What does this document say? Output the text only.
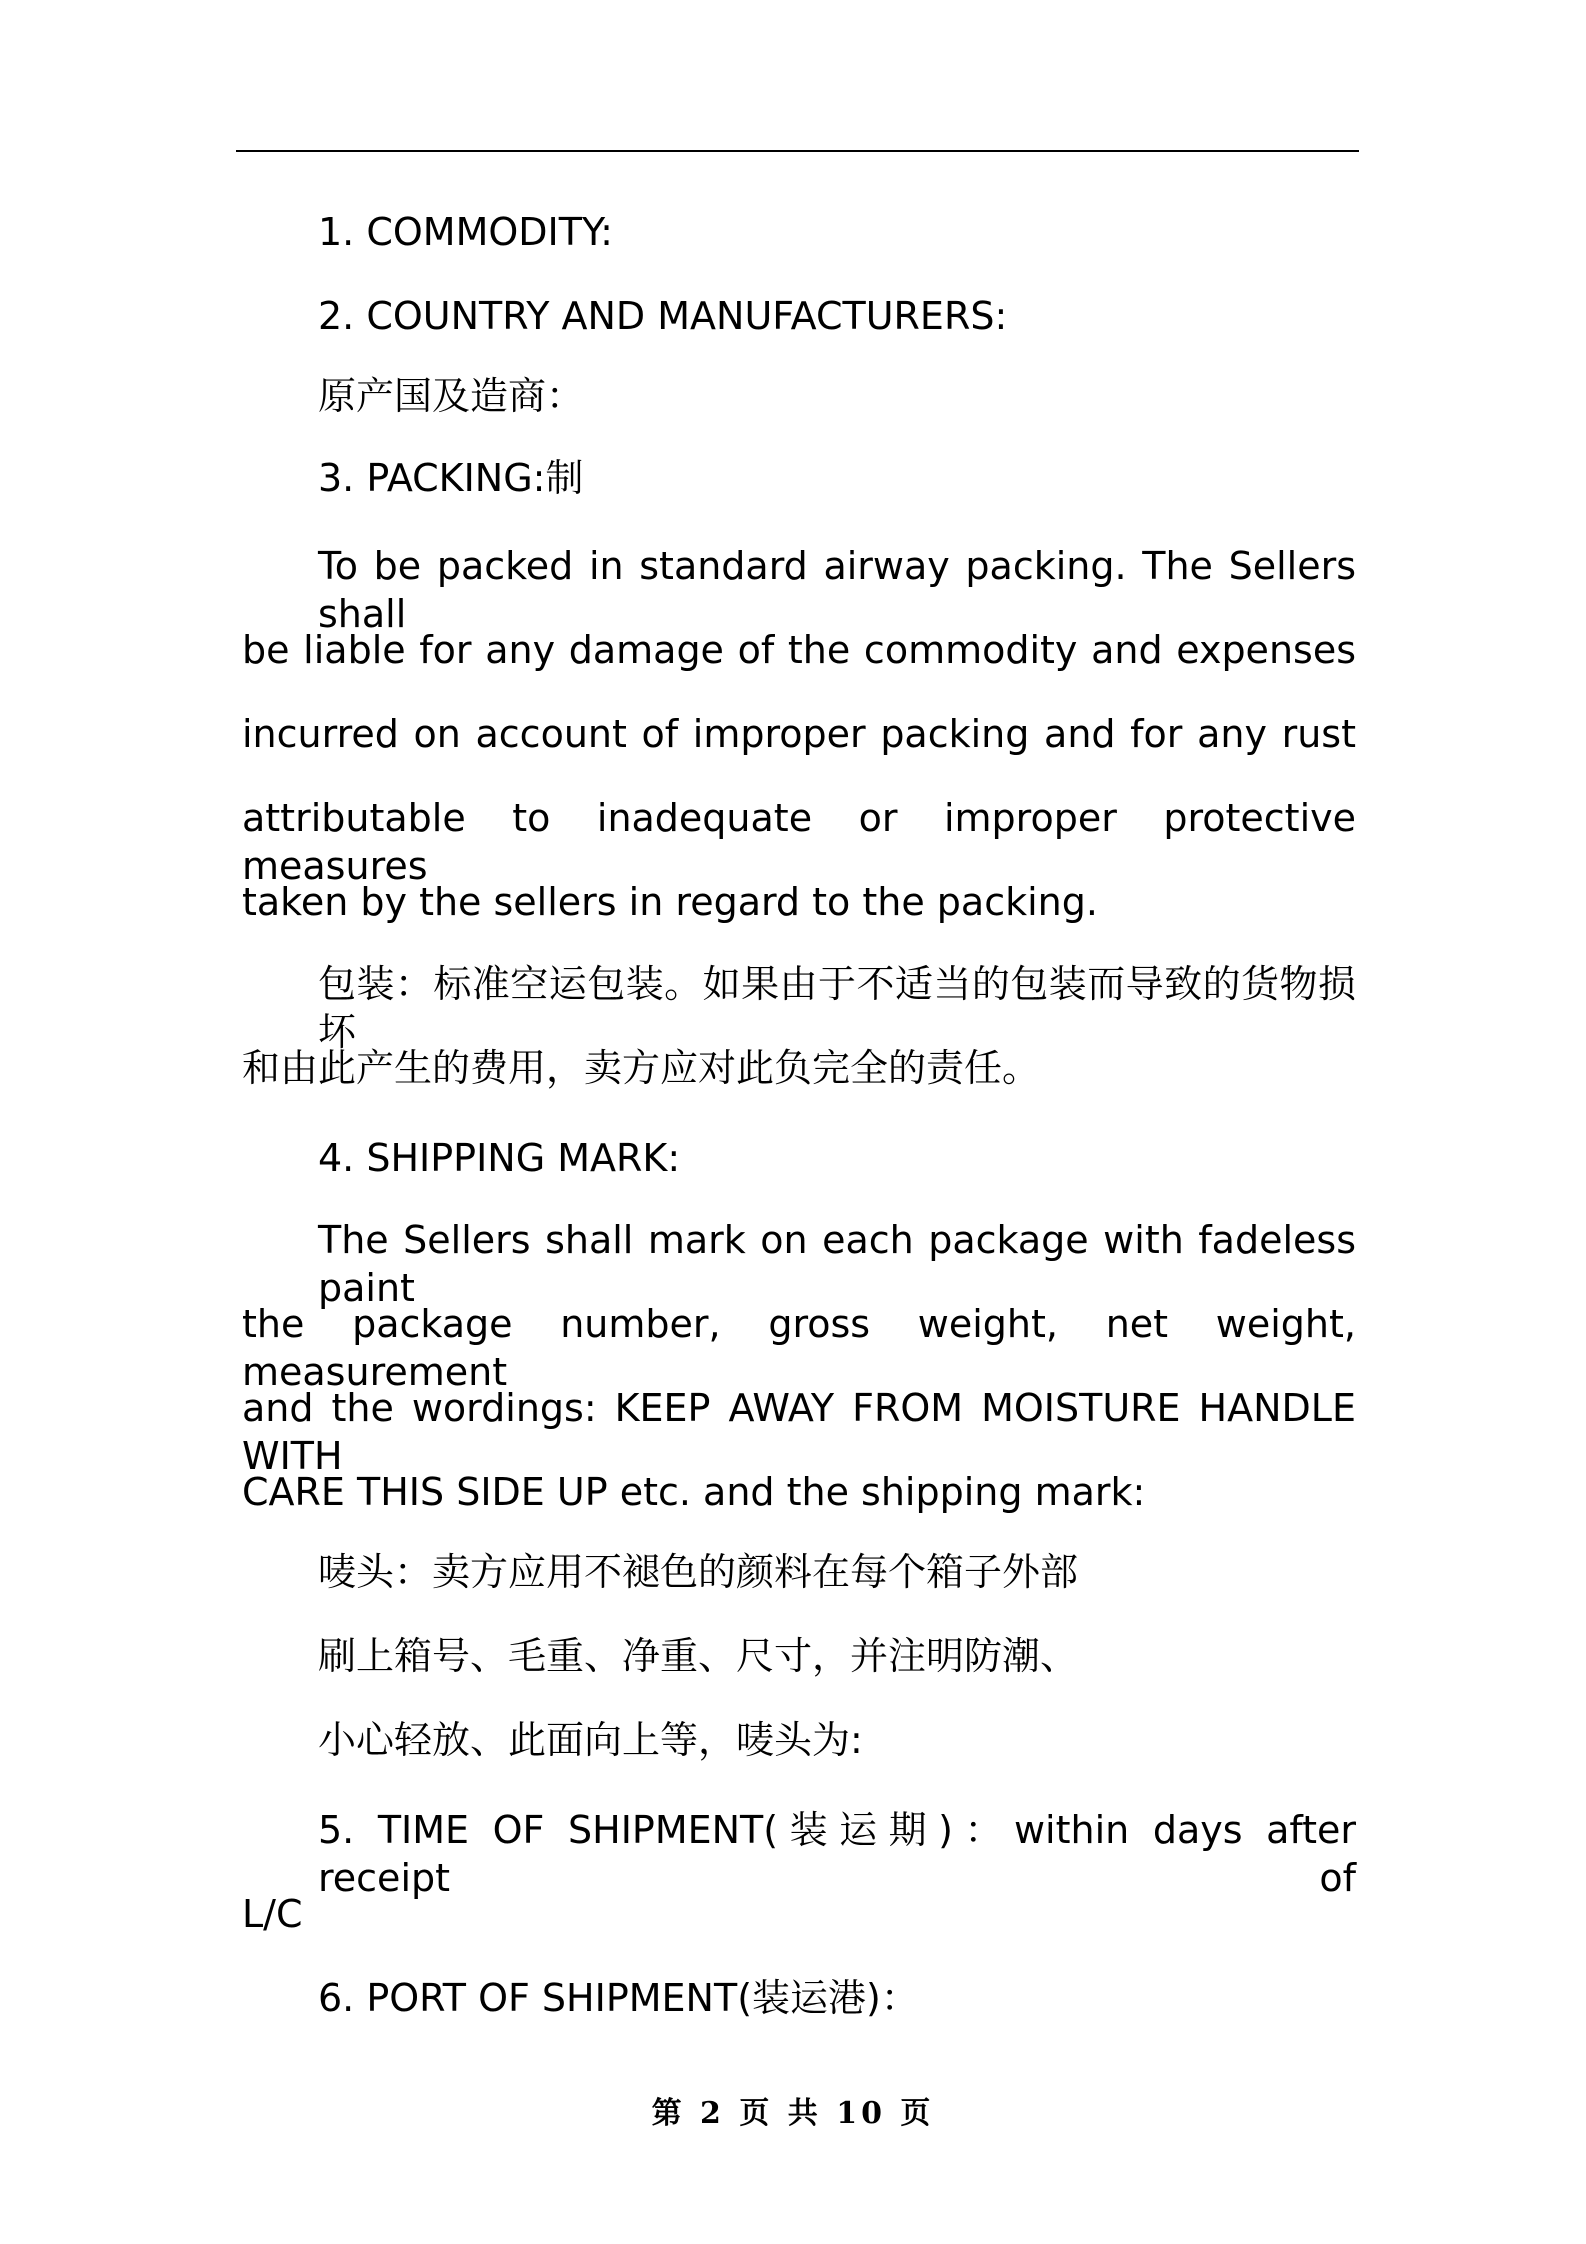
1. COMMODITY:
2. COUNTRY AND MANUFACTURERS:
原产国及造商：
3. PACKING:制
To be packed in standard airway packing. The Sellers shall
be liable for any damage of the commodity and expenses
incurred on account of improper packing and for any rust
attributable to inadequate or improper protective measures
taken by the sellers in regard to the packing.
包装：标准空运包装。如果由于不适当的包装而导致的货物损坏
和由此产生的费用，卖方应对此负完全的责任。
4. SHIPPING MARK:
The Sellers shall mark on each package with fadeless paint
the package number, gross weight, net weight, measurement
and the wordings: KEEP AWAY FROM MOISTURE HANDLE WITH
CARE THIS SIDE UP etc. and the shipping mark:
唛头：卖方应用不褪色的颜料在每个箱子外部
刷上箱号、毛重、净重、尺寸，并注明防潮、
小心轻放、此面向上等，唛头为:
5. TIME OF SHIPMENT(装运期)：within days after receipt of
L/C
6. PORT OF SHIPMENT(装运港)：
第 2 页 共 10 页
